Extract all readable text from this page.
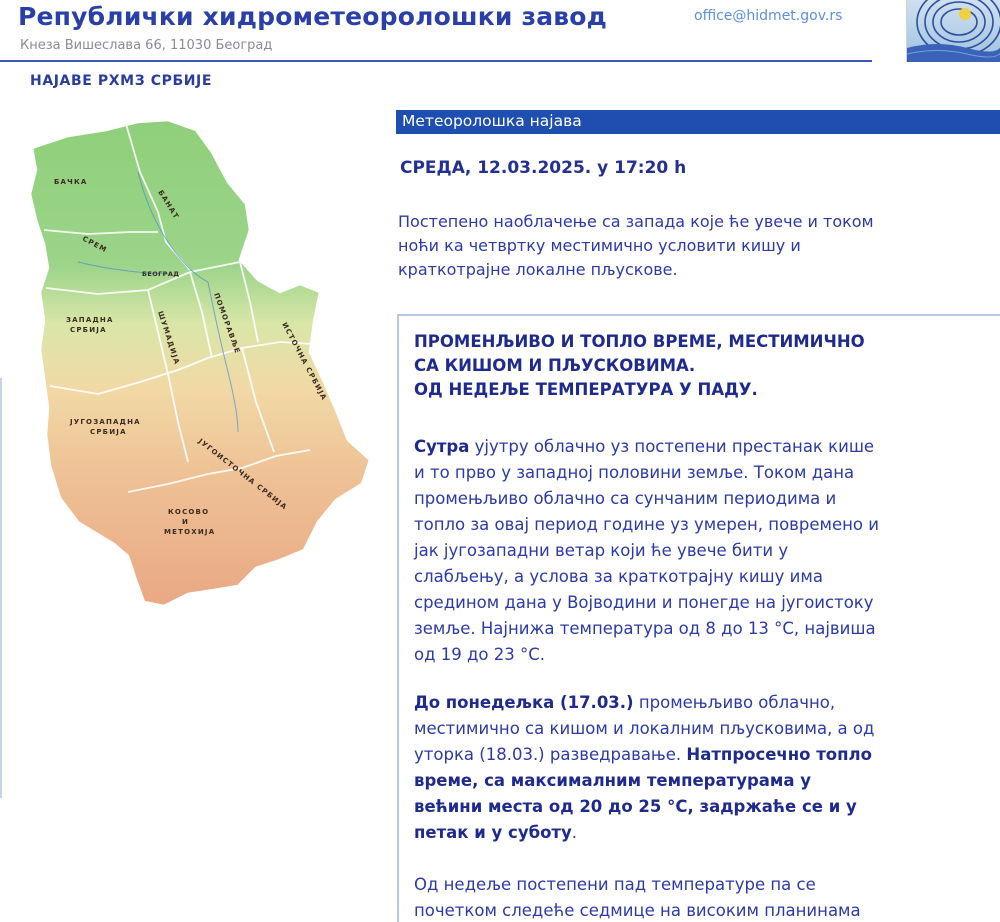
Републички хидрометеоролошки завод
Кнеза Вишеслава 66, 11030 Београд
office@hidmet.gov.rs
НАЈАВЕ РХМЗ СРБИЈЕ
БАЧКА
БАНАТ
СРЕМ
БЕОГРАД
ЗАПАДНА
СРБИЈА	ШУМАДИЈА	ПОМОРАВЉЕ	ИСТОЧНА СРБИЈА
ЈУГОЗАПАДНА
СРБИЈА
ЈУГОИСТОЧНА СРБИЈА
КОСОВО
И
МЕТОХИЈА
Метеоролошка најава
СРЕДА, 12.03.2025. у 17:20 h
Постепено наоблачење са запада које ће увече и током
ноћи ка четвртку местимично условити кишу и
краткотрајне локалне пљускове.
ПРОМЕНЉИВО И ТОПЛО ВРЕМЕ, МЕСТИМИЧНО
СА КИШОМ И ПЉУСКОВИМА.
ОД НЕДЕЉЕ ТЕМПЕРАТУРА У ПАДУ.
Сутра ујутру облачно уз постепени престанак кише
и то прво у западној половини земље. Током дана
промењљиво облачно са сунчаним периодима и
топло за овај период године уз умерен, повремено и
јак југозападни ветар који ће увече бити у
слабљењу, а услова за краткотрајну кишу има
средином дана у Војводини и понегде на југоистоку
земље. Најнижа температура од 8 до 13 °C, највиша
од 19 до 23 °C.
До понедељка (17.03.) промењљиво облачно,
местимично са кишом и локалним пљусковима, а од
уторка (18.03.) разведравање. Натпросечно топло
време, са максималним температурама у
већини места од 20 до 25 °C, задржаће се и у
петак и у суботу.
Од недеље постепени пад температуре па се
почетком следеће седмице на високим планинама
